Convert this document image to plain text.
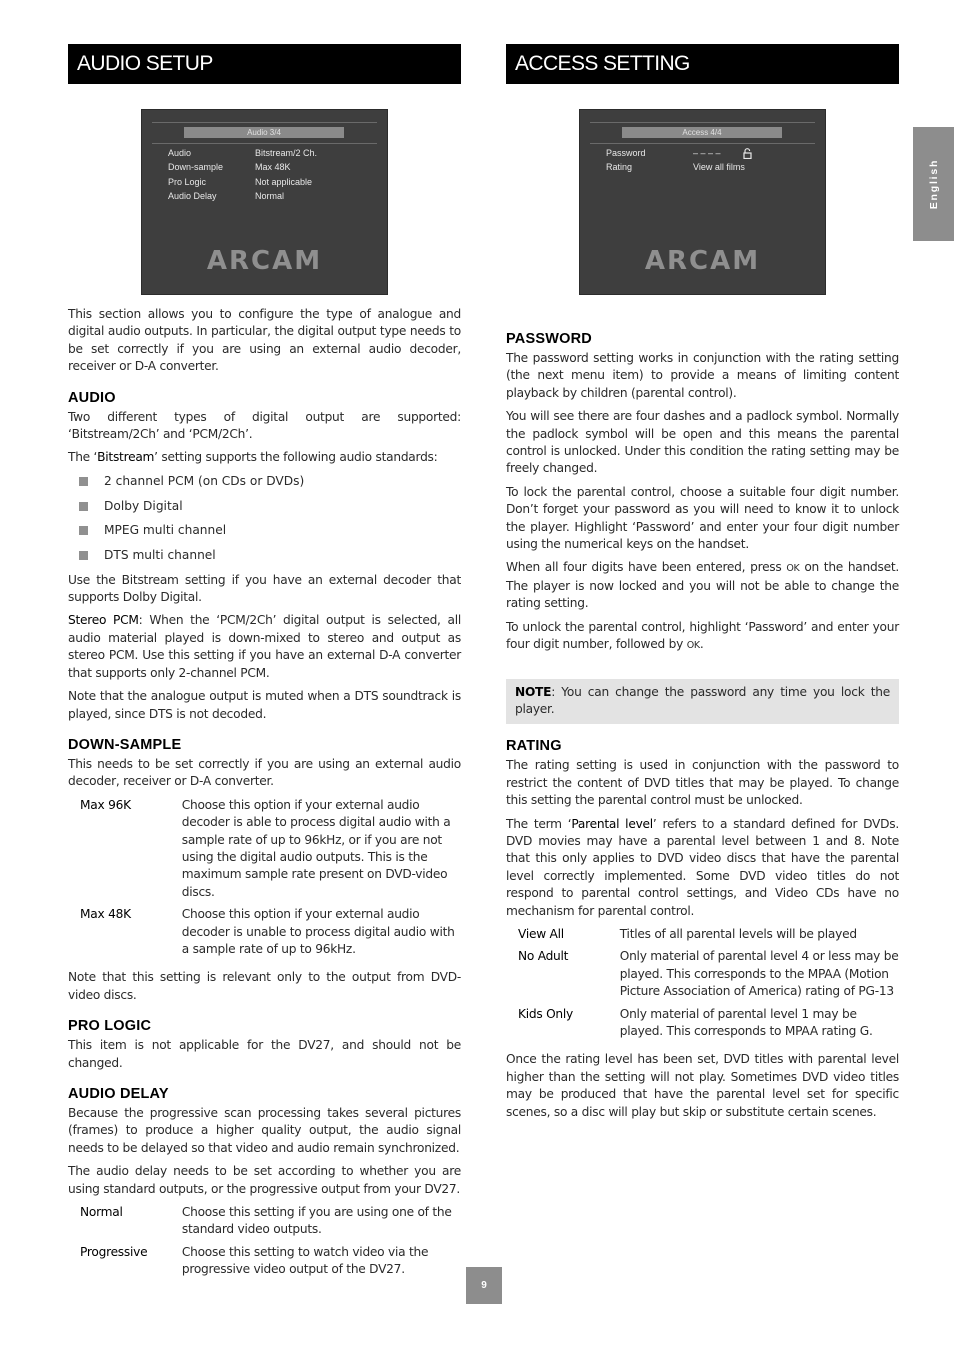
AUDIO SETUP
Audio 3/4
Audio	Bitstream/2 Ch.
Down-sample	Max 48K
Pro Logic	Not applicable
Audio Delay	Normal
ARCAM

This section allows you to configure the type of analogue and digital audio outputs. In particular, the digital output type needs to be set correctly if you are using an external audio decoder, receiver or D-A converter.

AUDIO

Two different types of digital output are supported: ‘Bitstream/2Ch’ and ‘PCM/2Ch’.

The ‘Bitstream’ setting supports the following audio standards:

2 channel PCM (on CDs or DVDs)
Dolby Digital
MPEG multi channel
DTS multi channel

Use the Bitstream setting if you have an external decoder that supports Dolby Digital.

Stereo PCM: When the ‘PCM/2Ch’ digital output is selected, all audio material played is down-mixed to stereo and output as stereo PCM. Use this setting if you have an external D-A converter that supports only 2-channel PCM.

Note that the analogue output is muted when a DTS soundtrack is played, since DTS is not decoded.

DOWN-SAMPLE

This needs to be set correctly if you are using an external audio decoder, receiver or D-A converter.

Max 96K	Choose this option if your external audio decoder is able to process digital audio with a sample rate of up to 96kHz, or if you are not using the digital audio outputs. This is the maximum sample rate present on DVD-video discs.
Max 48K	Choose this option if your external audio decoder is unable to process digital audio with a sample rate of up to 96kHz.

Note that this setting is relevant only to the output from DVD-video discs.

PRO LOGIC

This item is not applicable for the DV27, and should not be changed.

AUDIO DELAY

Because the progressive scan processing takes several pictures (frames) to produce a higher quality output, the audio signal needs to be delayed so that video and audio remain synchronized.

The audio delay needs to be set according to whether you are using standard outputs, or the progressive output from your DV27.

Normal	Choose this setting if you are using one of the standard video outputs.
Progressive	Choose this setting to watch video via the progressive video output of the DV27.
ACCESS SETTING
Access 4/4
Password	– – – –
Rating	View all films
ARCAM
PASSWORD

The password setting works in conjunction with the rating setting (the next menu item) to provide a means of limiting content playback by children (parental control).

You will see there are four dashes and a padlock symbol. Normally the padlock symbol will be open and this means the parental control is unlocked. Under this condition the rating setting may be freely changed.

To lock the parental control, choose a suitable four digit number. Don’t forget your password as you will need to know it to unlock the player. Highlight ‘Password’ and enter your four digit number using the numerical keys on the handset.

When all four digits have been entered, press OK on the handset. The player is now locked and you will not be able to change the rating setting.

To unlock the parental control, highlight ‘Password’ and enter your four digit number, followed by OK.

NOTE: You can change the password any time you lock the player.

RATING

The rating setting is used in conjunction with the password to restrict the content of DVD titles that may be played. To change this setting the parental control must be unlocked.

The term ‘Parental level’ refers to a standard defined for DVDs. DVD movies may have a parental level between 1 and 8. Note that this only applies to DVD video discs that have the parental level correctly implemented. Some DVD video titles do not respond to parental control settings, and Video CDs have no mechanism for parental control.

View All	Titles of all parental levels will be played
No Adult	Only material of parental level 4 or less may be played. This corresponds to the MPAA (Motion Picture Association of America) rating of PG-13
Kids Only	Only material of parental level 1 may be played. This corresponds to MPAA rating G.

Once the rating level has been set, DVD titles with parental level higher than the setting will not play. Sometimes DVD video titles may be produced that have the parental level set for specific scenes, so a disc will play but skip or substitute certain scenes.

English
9
